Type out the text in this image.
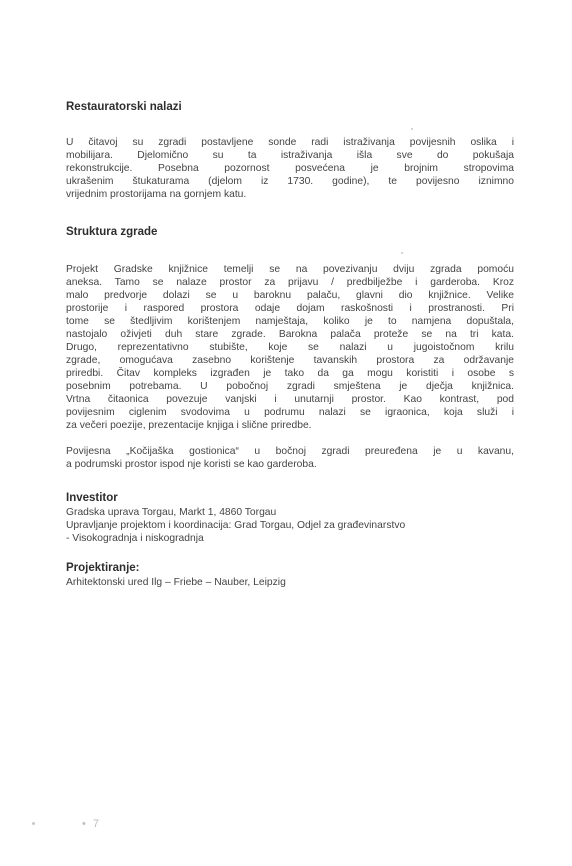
Restauratorski nalazi

U čitavoj su zgradi postavljene sonde radi istraživanja povijesnih oslika i
mobilijara. Djelomično su ta istraživanja išla sve do pokušaja
rekonstrukcije. Posebna pozornost posvećena je brojnim stropovima
ukrašenim štukaturama (djelom iz 1730. godine), te povijesno iznimno
vrijednim prostorijama na gornjem katu.

Struktura zgrade

Projekt Gradske knjižnice temelji se na povezivanju dviju zgrada pomoću
aneksa. Tamo se nalaze prostor za prijavu / predbilježbe i garderoba. Kroz
malo predvorje dolazi se u baroknu palaču, glavni dio knjižnice. Velike
prostorije i raspored prostora odaje dojam raskošnosti i prostranosti. Pri
tome se štedljivim korištenjem namještaja, koliko je to namjena dopuštala,
nastojalo oživjeti duh stare zgrade. Barokna palača proteže se na tri kata.
Drugo, reprezentativno stubište, koje se nalazi u jugoistočnom krilu
zgrade, omogućava zasebno korištenje tavanskih prostora za održavanje
priredbi. Čitav kompleks izgrađen je tako da ga mogu koristiti i osobe s
posebnim potrebama. U pobočnoj zgradi smještena je dječja knjižnica.
Vrtna čitaonica povezuje vanjski i unutarnji prostor. Kao kontrast, pod
povijesnim ciglenim svodovima u podrumu nalazi se igraonica, koja služi i
za večeri poezije, prezentacije knjiga i slične priredbe.

Povijesna „Kočijaška gostionica“ u bočnoj zgradi preuređena je u kavanu,
a podrumski prostor ispod nje koristi se kao garderoba.

Investitor

Gradska uprava Torgau, Markt 1, 4860 Torgau
Upravljanje projektom i koordinacija: Grad Torgau, Odjel za građevinarstvo
- Visokogradnja i niskogradnja

Projektiranje:

Arhitektonski ured Ilg – Friebe – Nauber, Leipzig

• 7
